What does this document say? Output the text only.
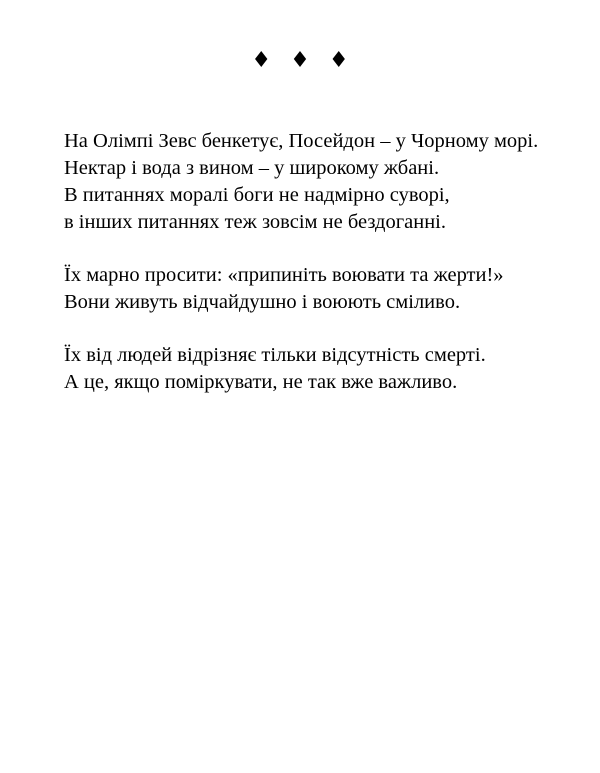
♦ ♦ ♦
На Олімпі Зевс бенкетує, Посейдон – у Чорному морі.
Нектар і вода з вином – у широкому жбані.
В питаннях моралі боги не надмірно суворі,
в інших питаннях теж зовсім не бездоганні.
Їх марно просити: «припиніть воювати та жерти!»
Вони живуть відчайдушно і воюють сміливо.
Їх від людей відрізняє тільки відсутність смерті.
А це, якщо поміркувати, не так вже важливо.
